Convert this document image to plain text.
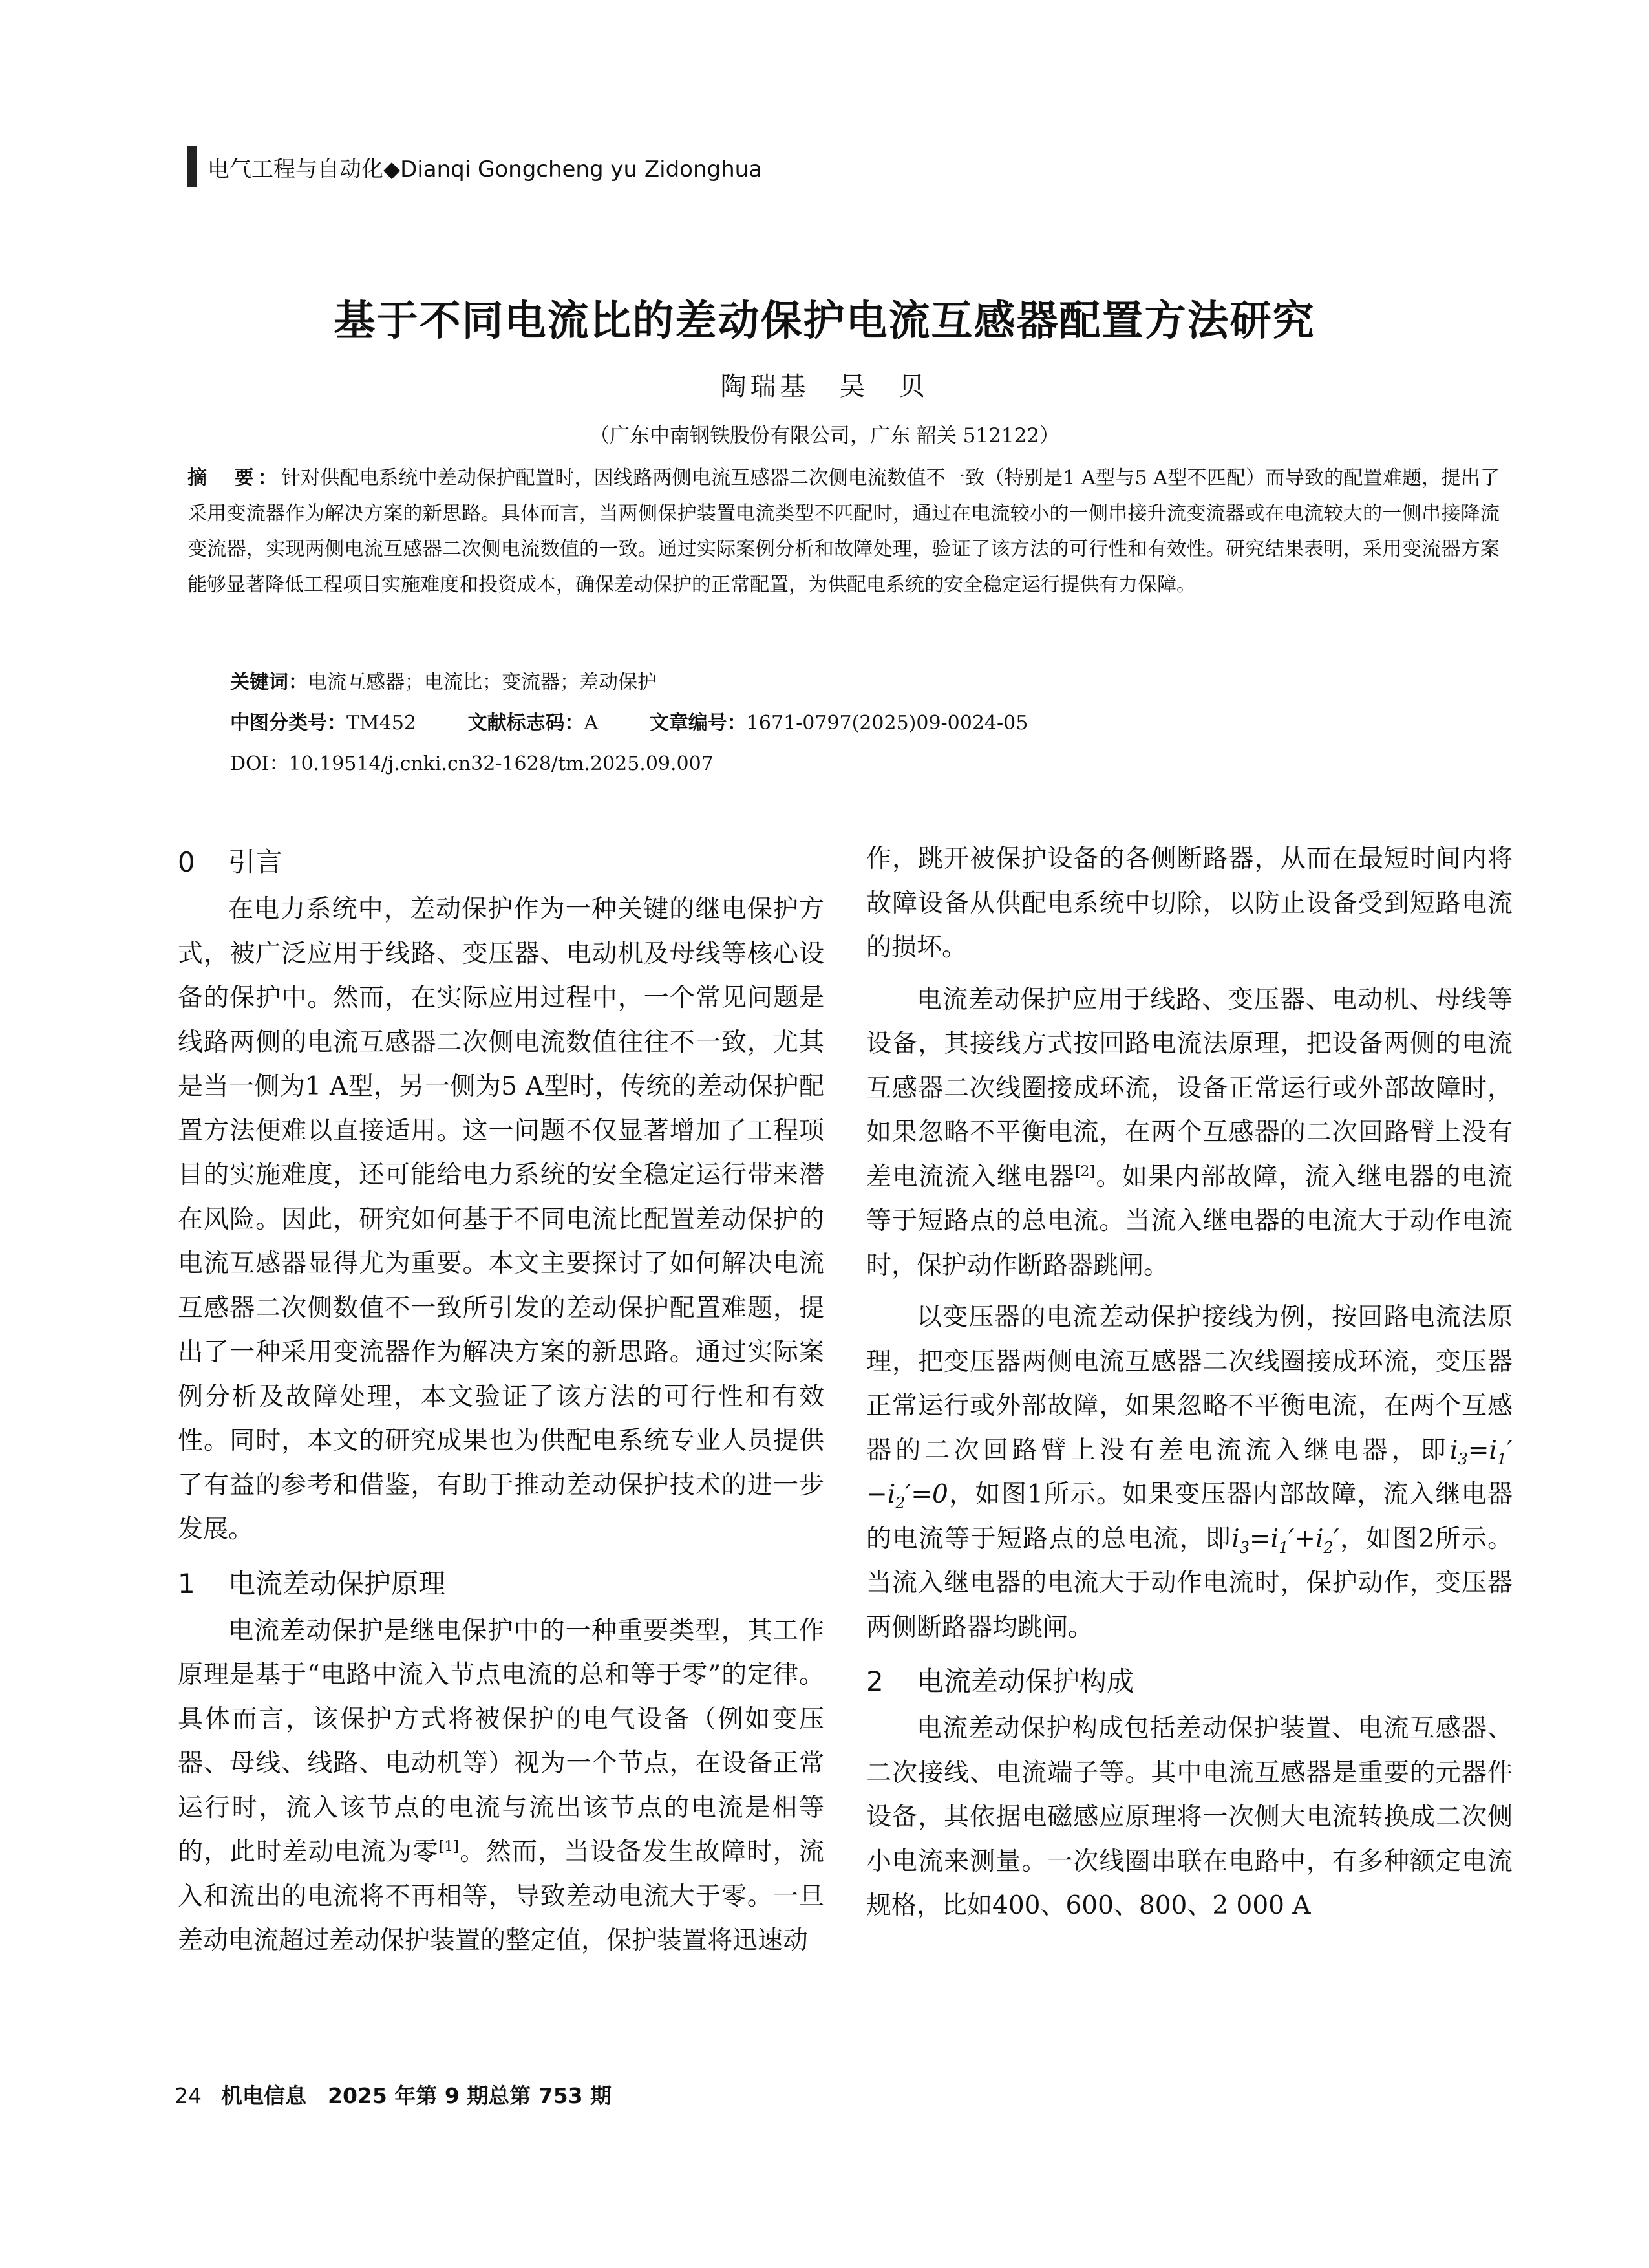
电气工程与自动化◆Dianqi Gongcheng yu Zidonghua
基于不同电流比的差动保护电流互感器配置方法研究
陶瑞基　吴　贝
（广东中南钢铁股份有限公司，广东 韶关 512122）
摘　要：针对供配电系统中差动保护配置时，因线路两侧电流互感器二次侧电流数值不一致（特别是1 A型与5 A型不匹配）而导致的配置难题，提出了采用变流器作为解决方案的新思路。具体而言，当两侧保护装置电流类型不匹配时，通过在电流较小的一侧串接升流变流器或在电流较大的一侧串接降流变流器，实现两侧电流互感器二次侧电流数值的一致。通过实际案例分析和故障处理，验证了该方法的可行性和有效性。研究结果表明，采用变流器方案能够显著降低工程项目实施难度和投资成本，确保差动保护的正常配置，为供配电系统的安全稳定运行提供有力保障。
关键词：电流互感器；电流比；变流器；差动保护
中图分类号：TM452	文献标志码：A	文章编号：1671-0797(2025)09-0024-05
DOI：10.19514/j.cnki.cn32-1628/tm.2025.09.007
0 引言

在电力系统中，差动保护作为一种关键的继电保护方式，被广泛应用于线路、变压器、电动机及母线等核心设备的保护中。然而，在实际应用过程中，一个常见问题是线路两侧的电流互感器二次侧电流数值往往不一致，尤其是当一侧为1 A型，另一侧为5 A型时，传统的差动保护配置方法便难以直接适用。这一问题不仅显著增加了工程项目的实施难度，还可能给电力系统的安全稳定运行带来潜在风险。因此，研究如何基于不同电流比配置差动保护的电流互感器显得尤为重要。本文主要探讨了如何解决电流互感器二次侧数值不一致所引发的差动保护配置难题，提出了一种采用变流器作为解决方案的新思路。通过实际案例分析及故障处理，本文验证了该方法的可行性和有效性。同时，本文的研究成果也为供配电系统专业人员提供了有益的参考和借鉴，有助于推动差动保护技术的进一步发展。

1 电流差动保护原理

电流差动保护是继电保护中的一种重要类型，其工作原理是基于“电路中流入节点电流的总和等于零”的定律。具体而言，该保护方式将被保护的电气设备（例如变压器、母线、线路、电动机等）视为一个节点，在设备正常运行时，流入该节点的电流与流出该节点的电流是相等的，此时差动电流为零[1]。然而，当设备发生故障时，流入和流出的电流将不再相等，导致差动电流大于零。一旦差动电流超过差动保护装置的整定值，保护装置将迅速动

作，跳开被保护设备的各侧断路器，从而在最短时间内将故障设备从供配电系统中切除，以防止设备受到短路电流的损坏。

电流差动保护应用于线路、变压器、电动机、母线等设备，其接线方式按回路电流法原理，把设备两侧的电流互感器二次线圈接成环流，设备正常运行或外部故障时，如果忽略不平衡电流，在两个互感器的二次回路臂上没有差电流流入继电器[2]。如果内部故障，流入继电器的电流等于短路点的总电流。当流入继电器的电流大于动作电流时，保护动作断路器跳闸。

以变压器的电流差动保护接线为例，按回路电流法原理，把变压器两侧电流互感器二次线圈接成环流，变压器正常运行或外部故障，如果忽略不平衡电流，在两个互感器的二次回路臂上没有差电流流入继电器，即$i_3=i_1'-i_2'=0$，如图1所示。如果变压器内部故障，流入继电器的电流等于短路点的总电流，即$i_3=i_1'+i_2'$，如图2所示。当流入继电器的电流大于动作电流时，保护动作，变压器两侧断路器均跳闸。

2 电流差动保护构成

电流差动保护构成包括差动保护装置、电流互感器、二次接线、电流端子等。其中电流互感器是重要的元器件设备，其依据电磁感应原理将一次侧大电流转换成二次侧小电流来测量。一次线圈串联在电路中，有多种额定电流规格，比如400、600、800、2 000 A

24 机电信息　2025 年第 9 期总第 753 期
